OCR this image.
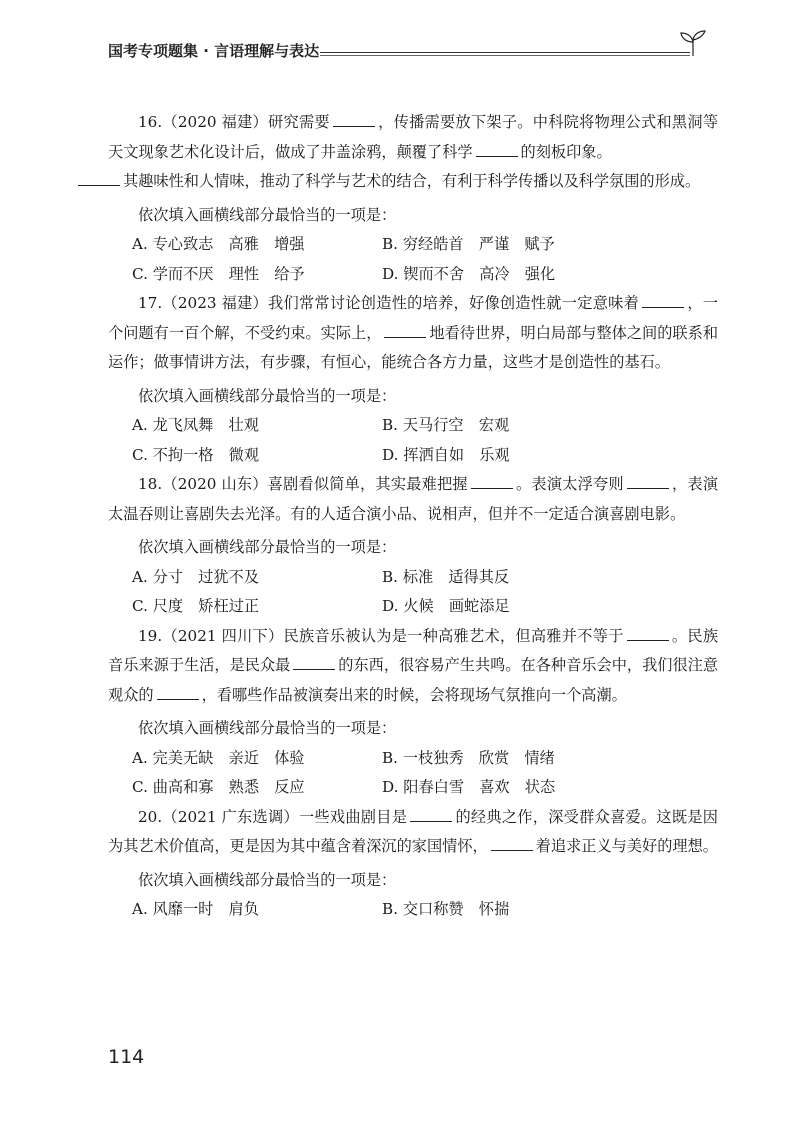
国考专项题集 · 言语理解与表达

16.（2020 福建）研究需要	，传播需要放下架子。中科院将物理公式和黑洞等天文现象艺术化设计后，做成了井盖涂鸦，颠覆了科学	的刻板印象。
其趣味性和人情味，推动了科学与艺术的结合，有利于科学传播以及科学氛围的形成。

依次填入画横线部分最恰当的一项是：

A. 专心致志　高雅　增强	B. 穷经皓首　严谨　赋予
C. 学而不厌　理性　给予	D. 锲而不舍　高冷　强化

17.（2023 福建）我们常常讨论创造性的培养，好像创造性就一定意味着	，一个问题有一百个解，不受约束。实际上，	地看待世界，明白局部与整体之间的联系和运作；做事情讲方法，有步骤，有恒心，能统合各方力量，这些才是创造性的基石。

依次填入画横线部分最恰当的一项是：

A. 龙飞凤舞　壮观	B. 天马行空　宏观
C. 不拘一格　微观	D. 挥洒自如　乐观

18.（2020 山东）喜剧看似简单，其实最难把握	。表演太浮夸则	，表演太温吞则让喜剧失去光泽。有的人适合演小品、说相声，但并不一定适合演喜剧电影。

依次填入画横线部分最恰当的一项是：

A. 分寸　过犹不及	B. 标准　适得其反
C. 尺度　矫枉过正	D. 火候　画蛇添足

19.（2021 四川下）民族音乐被认为是一种高雅艺术，但高雅并不等于	。民族音乐来源于生活，是民众最	的东西，很容易产生共鸣。在各种音乐会中，我们很注意观众的	，看哪些作品被演奏出来的时候，会将现场气氛推向一个高潮。

依次填入画横线部分最恰当的一项是：

A. 完美无缺　亲近　体验	B. 一枝独秀　欣赏　情绪
C. 曲高和寡　熟悉　反应	D. 阳春白雪　喜欢　状态

20.（2021 广东选调）一些戏曲剧目是	的经典之作，深受群众喜爱。这既是因为其艺术价值高，更是因为其中蕴含着深沉的家国情怀，	着追求正义与美好的理想。

依次填入画横线部分最恰当的一项是：

A. 风靡一时　肩负	B. 交口称赞　怀揣
114
